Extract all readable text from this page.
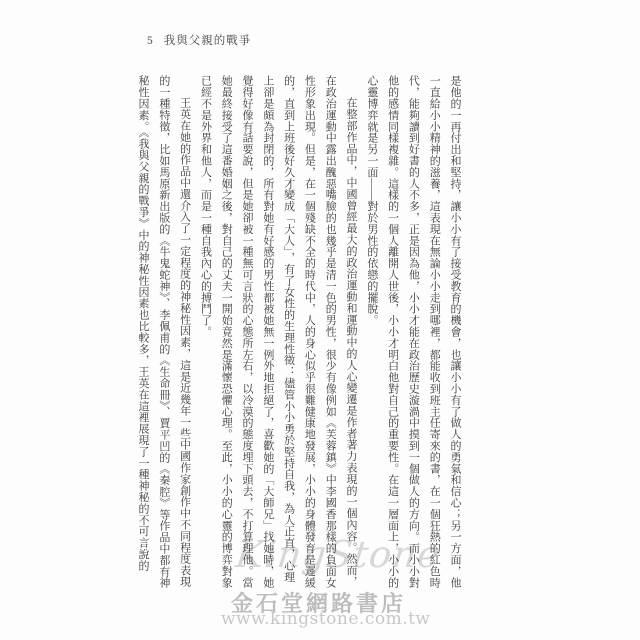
5 我與父親的戰爭
KingStone
金石堂網路書店
www.kingstone.com.tw

是他的一再付出和堅持，讓小小有了接受教育的機會，也讓小小有了做人的勇氣和信心；另一方面，他一直給小小精神的滋養，這表現在無論小小走到哪裡，都能收到班主任寄來的書，在一個狂熱的紅色時代，能夠讀到好書的人不多，正是因為他，小小才能在政治歷史漩渦中摸到一個做人的方向。而小小對他的感情同樣複雜。這樣的一個人離開人世後，小小才明白他對自己的重要性。在這一層面上，小小的心靈博弈就是另一面——對於男性的依戀的擺脫。

在整部作品中，中國曾經最大的政治運動和運動中的人心變遷是作者著力表現的一個內容。然而，在政治運動中露出醜惡嘴臉的也幾乎是清一色的男性，很少有像例如《芙蓉鎮》中李國香那樣的負面女性形象出現。但是，在一個殘缺不全的時代中，人的身心似乎很難健康地發展，小小的身體發育是遲緩的，直到上班後好久才變成「大人」，有了女性的生理性徵：儘管小小勇於堅持自我，為人正直，心理上卻是頗為封閉的，所有對她有好感的男性都被她無一例外地拒絕了，喜歡她的「大師兄」找她時，她覺得好像有話要說，但是她卻被一種無可言狀的心態所左右，以冷漠的態度埋下頭去，不打算理他。當她最終接受了這番婚姻之後，對自己的丈夫一開始竟然是滿懷恐懼心理。至此，小小的心靈的博弈對象已經不是外界和他人，而是一種自我內心的搏鬥了。

王英在她的作品中還介入了一定程度的神秘性因素，這是近幾年一些中國作家創作中不同程度表現的一種特徵，比如馬原新出版的《牛鬼蛇神》、李佩甫的《生命冊》、賈平凹的《秦腔》等作品中都有神秘性因素。《我與父親的戰爭》中的神秘性因素也比較多，王英在這裡展現了一種神秘的不可言說的
